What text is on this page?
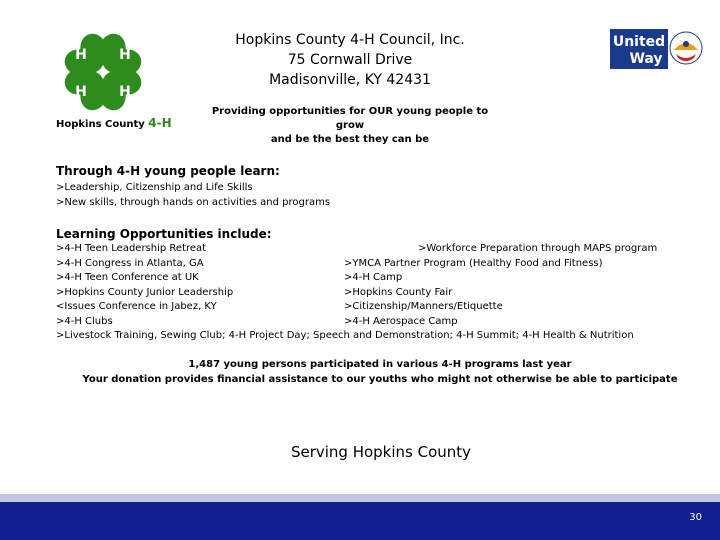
H H
H H
Hopkins County 4-H
Hopkins County 4-H Council, Inc.
75 Cornwall Drive
Madisonville, KY 42431
United
Way
Providing opportunities for OUR young people to grow
and be the best they can be
Through 4-H young people learn:
>Leadership, Citizenship and Life Skills
>New skills, through hands on activities and programs
Learning Opportunities include:
>4-H Teen Leadership Retreat
>4-H Congress in Atlanta, GA
>4-H Teen Conference at UK
>Hopkins County Junior Leadership
<Issues Conference in Jabez, KY
>4-H Clubs
>Workforce Preparation through MAPS program
>YMCA Partner Program (Healthy Food and Fitness)
>4-H Camp
>Hopkins County Fair
>Citizenship/Manners/Etiquette
>4-H Aerospace Camp
>Livestock Training, Sewing Club; 4-H Project Day; Speech and Demonstration; 4-H Summit; 4-H Health & Nutrition
1,487 young persons participated in various 4-H programs last year
Your donation provides financial assistance to our youths who might not otherwise be able to participate
Serving Hopkins County
30
